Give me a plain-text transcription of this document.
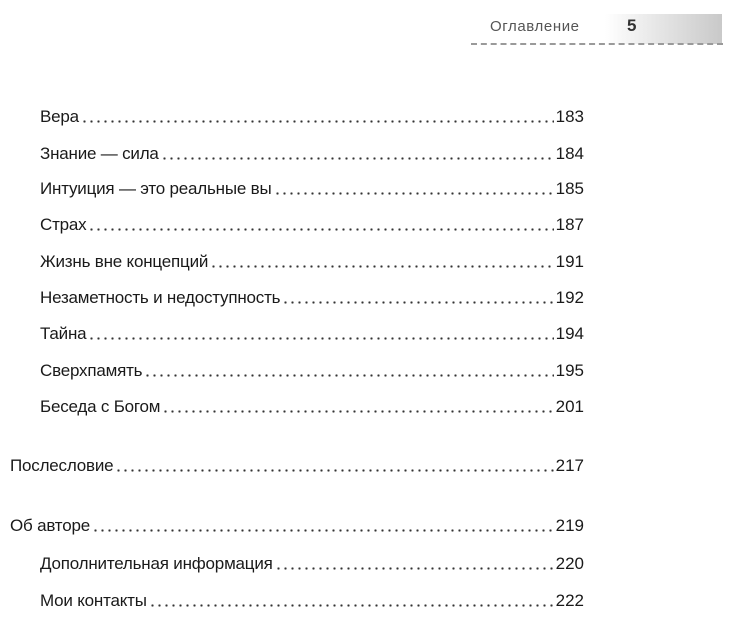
Оглавление	5
Вера	183
Знание — сила	184
Интуиция — это реальные вы	185
Страх	187
Жизнь вне концепций	191
Незаметность и недоступность	192
Тайна	194
Сверхпамять	195
Беседа с Богом	201
Послесловие	217
Об авторе	219
Дополнительная информация	220
Мои контакты	222
